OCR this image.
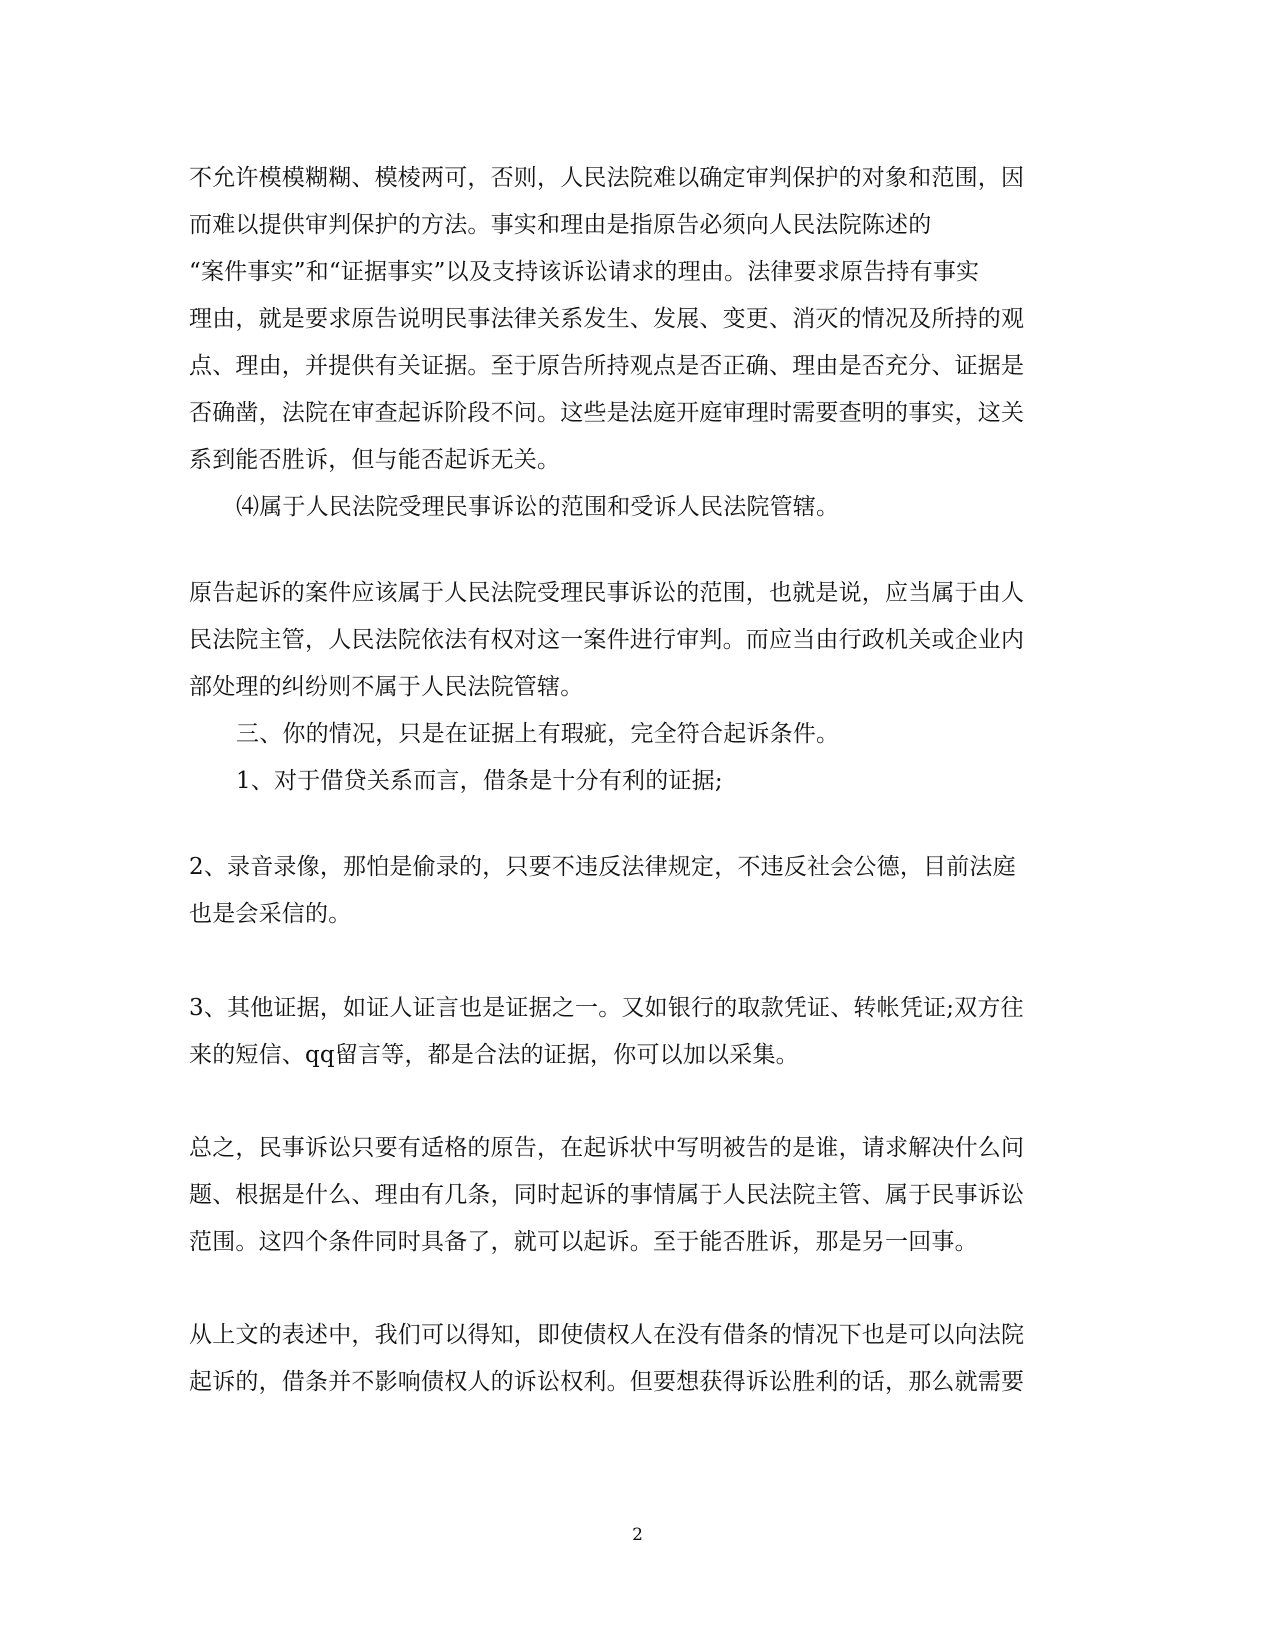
不允许模模糊糊、模棱两可，否则，人民法院难以确定审判保护的对象和范围，因

而难以提供审判保护的方法。事实和理由是指原告必须向人民法院陈述的

“案件事实”和“证据事实”以及支持该诉讼请求的理由。法律要求原告持有事实

理由，就是要求原告说明民事法律关系发生、发展、变更、消灭的情况及所持的观

点、理由，并提供有关证据。至于原告所持观点是否正确、理由是否充分、证据是

否确凿，法院在审查起诉阶段不问。这些是法庭开庭审理时需要查明的事实，这关

系到能否胜诉，但与能否起诉无关。

⑷属于人民法院受理民事诉讼的范围和受诉人民法院管辖。

原告起诉的案件应该属于人民法院受理民事诉讼的范围，也就是说，应当属于由人

民法院主管，人民法院依法有权对这一案件进行审判。而应当由行政机关或企业内

部处理的纠纷则不属于人民法院管辖。

三、你的情况，只是在证据上有瑕疵，完全符合起诉条件。

1、对于借贷关系而言，借条是十分有利的证据;

2、录音录像，那怕是偷录的，只要不违反法律规定，不违反社会公德，目前法庭

也是会采信的。

3、其他证据，如证人证言也是证据之一。又如银行的取款凭证、转帐凭证;双方往

来的短信、qq留言等，都是合法的证据，你可以加以采集。

总之，民事诉讼只要有适格的原告，在起诉状中写明被告的是谁，请求解决什么问

题、根据是什么、理由有几条，同时起诉的事情属于人民法院主管、属于民事诉讼

范围。这四个条件同时具备了，就可以起诉。至于能否胜诉，那是另一回事。

从上文的表述中，我们可以得知，即使债权人在没有借条的情况下也是可以向法院

起诉的，借条并不影响债权人的诉讼权利。但要想获得诉讼胜利的话，那么就需要

2
